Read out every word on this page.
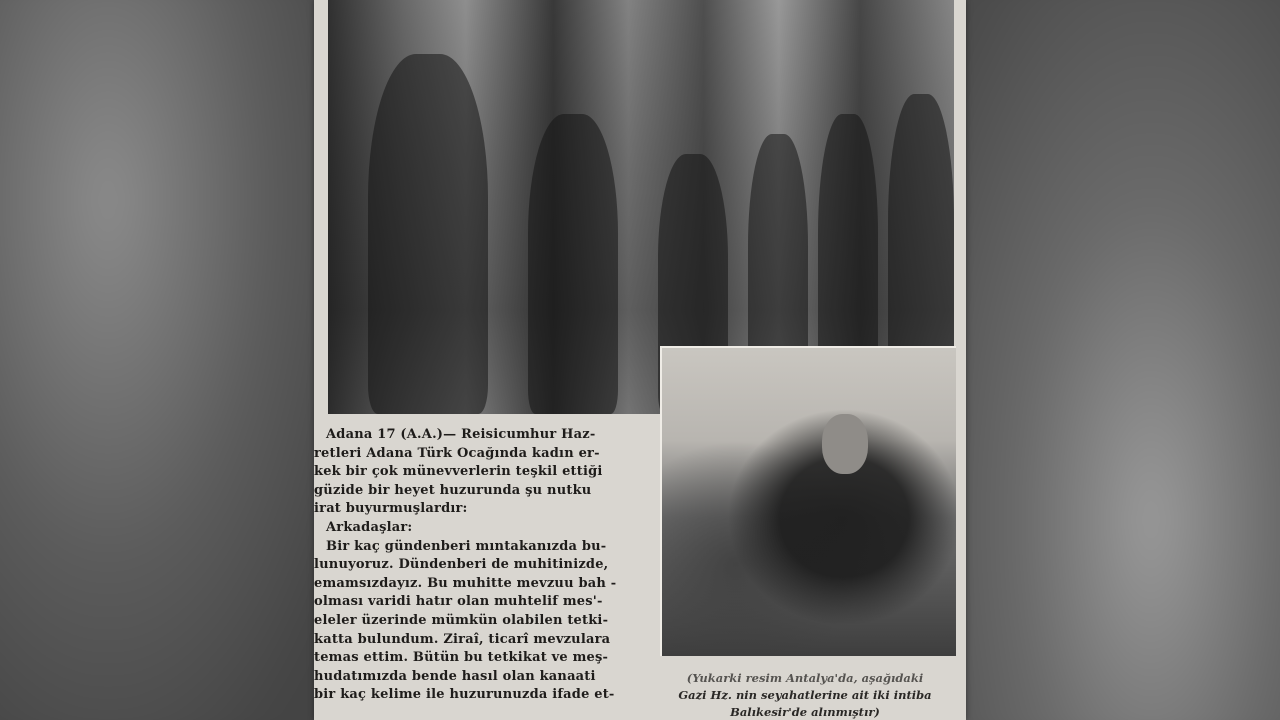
Adana 17 (A.A.)— Reisicumhur Haz-
retleri Adana Türk Ocağında kadın er-
kek bir çok münevverlerin teşkil ettiği
güzide bir heyet huzurunda şu nutku
irat buyurmuşlardır:
Arkadaşlar:
Bir kaç gündenberi mıntakanızda bu-
lunuyoruz. Dündenberi de muhitinizde,
emamsızdayız. Bu muhitte mevzuu bah -
olması varidi hatır olan muhtelif mes'-
eleler üzerinde mümkün olabilen tetki-
katta bulundum. Ziraî, ticarî mevzulara
temas ettim. Bütün bu tetkikat ve meş-
hudatımızda bende hasıl olan kanaati
bir kaç kelime ile huzurunuzda ifade et-
(Yukarki resim Antalya'da, aşağıdaki
Gazi Hz. nin seyahatlerine ait iki intiba
Balıkesir'de alınmıştır)
